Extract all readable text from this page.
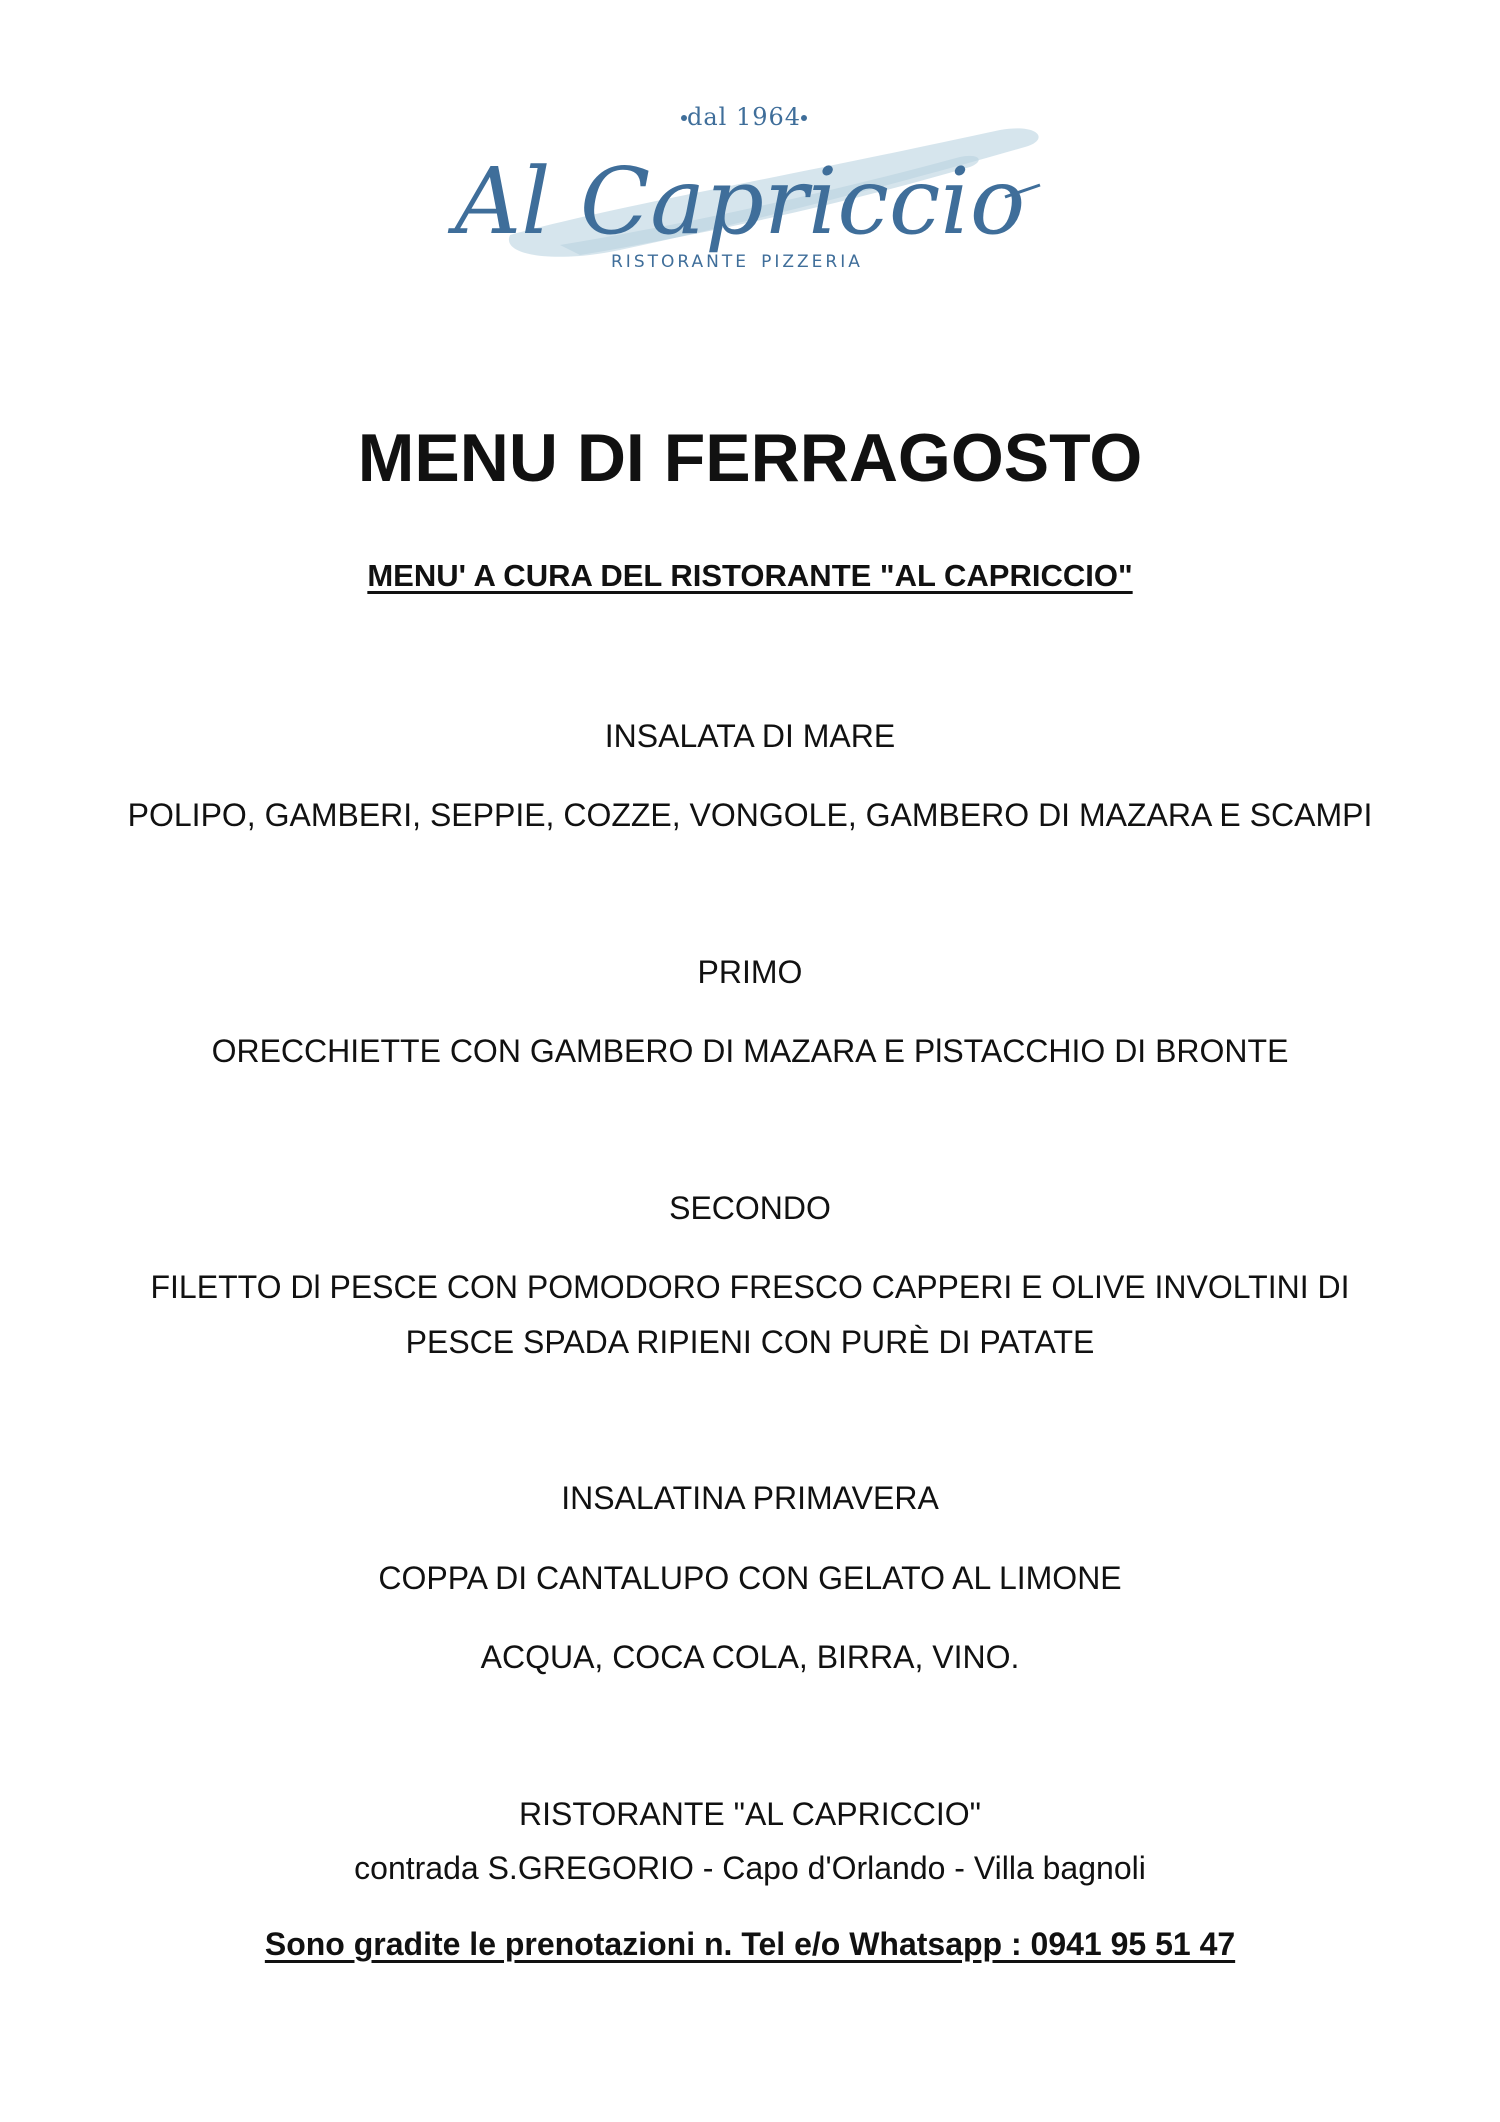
dal 1964
Al Capriccio
RISTORANTE PIZZERIA
MENU DI FERRAGOSTO

MENU' A CURA DEL RISTORANTE "AL CAPRICCIO"

INSALATA DI MARE

POLIPO, GAMBERI, SEPPIE, COZZE, VONGOLE, GAMBERO DI MAZARA E SCAMPI

PRIMO

ORECCHIETTE CON GAMBERO DI MAZARA E PlSTACCHIO DI BRONTE

SECONDO

FILETTO Dl PESCE CON POMODORO FRESCO CAPPERI E OLIVE INVOLTINI DI

PESCE SPADA RIPIENI CON PURÈ DI PATATE

INSALATINA PRIMAVERA

COPPA DI CANTALUPO CON GELATO AL LIMONE

ACQUA, COCA COLA, BIRRA, VINO.

RISTORANTE "AL CAPRICCIO"

contrada S.GREGORIO - Capo d'Orlando - Villa bagnoli

Sono gradite le prenotazioni n. Tel e/o Whatsapp : 0941 95 51 47
